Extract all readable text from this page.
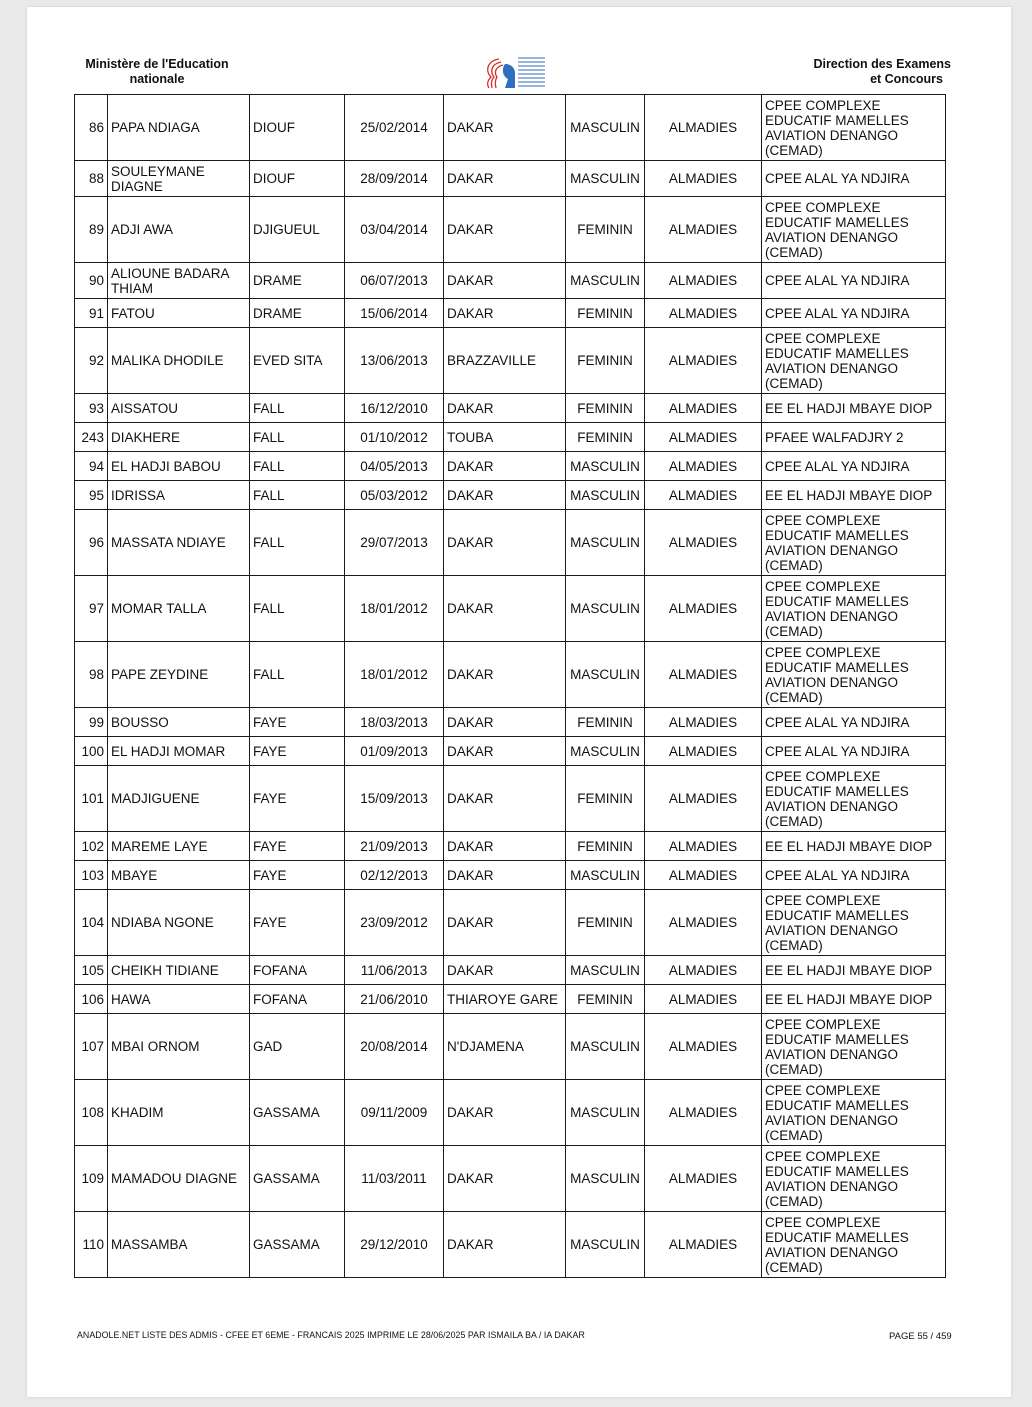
Ministère de l'Education
nationale
Direction des Examens
et Concours
86	PAPA NDIAGA	DIOUF	25/02/2014	DAKAR	MASCULIN	ALMADIES	CPEE COMPLEXE EDUCATIF MAMELLES AVIATION DENANGO (CEMAD)
88	SOULEYMANE DIAGNE	DIOUF	28/09/2014	DAKAR	MASCULIN	ALMADIES	CPEE ALAL YA NDJIRA
89	ADJI AWA	DJIGUEUL	03/04/2014	DAKAR	FEMININ	ALMADIES	CPEE COMPLEXE EDUCATIF MAMELLES AVIATION DENANGO (CEMAD)
90	ALIOUNE BADARA THIAM	DRAME	06/07/2013	DAKAR	MASCULIN	ALMADIES	CPEE ALAL YA NDJIRA
91	FATOU	DRAME	15/06/2014	DAKAR	FEMININ	ALMADIES	CPEE ALAL YA NDJIRA
92	MALIKA DHODILE	EVED SITA	13/06/2013	BRAZZAVILLE	FEMININ	ALMADIES	CPEE COMPLEXE EDUCATIF MAMELLES AVIATION DENANGO (CEMAD)
93	AISSATOU	FALL	16/12/2010	DAKAR	FEMININ	ALMADIES	EE EL HADJI MBAYE DIOP
243	DIAKHERE	FALL	01/10/2012	TOUBA	FEMININ	ALMADIES	PFAEE WALFADJRY 2
94	EL HADJI BABOU	FALL	04/05/2013	DAKAR	MASCULIN	ALMADIES	CPEE ALAL YA NDJIRA
95	IDRISSA	FALL	05/03/2012	DAKAR	MASCULIN	ALMADIES	EE EL HADJI MBAYE DIOP
96	MASSATA NDIAYE	FALL	29/07/2013	DAKAR	MASCULIN	ALMADIES	CPEE COMPLEXE EDUCATIF MAMELLES AVIATION DENANGO (CEMAD)
97	MOMAR TALLA	FALL	18/01/2012	DAKAR	MASCULIN	ALMADIES	CPEE COMPLEXE EDUCATIF MAMELLES AVIATION DENANGO (CEMAD)
98	PAPE ZEYDINE	FALL	18/01/2012	DAKAR	MASCULIN	ALMADIES	CPEE COMPLEXE EDUCATIF MAMELLES AVIATION DENANGO (CEMAD)
99	BOUSSO	FAYE	18/03/2013	DAKAR	FEMININ	ALMADIES	CPEE ALAL YA NDJIRA
100	EL HADJI MOMAR	FAYE	01/09/2013	DAKAR	MASCULIN	ALMADIES	CPEE ALAL YA NDJIRA
101	MADJIGUENE	FAYE	15/09/2013	DAKAR	FEMININ	ALMADIES	CPEE COMPLEXE EDUCATIF MAMELLES AVIATION DENANGO (CEMAD)
102	MAREME LAYE	FAYE	21/09/2013	DAKAR	FEMININ	ALMADIES	EE EL HADJI MBAYE DIOP
103	MBAYE	FAYE	02/12/2013	DAKAR	MASCULIN	ALMADIES	CPEE ALAL YA NDJIRA
104	NDIABA NGONE	FAYE	23/09/2012	DAKAR	FEMININ	ALMADIES	CPEE COMPLEXE EDUCATIF MAMELLES AVIATION DENANGO (CEMAD)
105	CHEIKH TIDIANE	FOFANA	11/06/2013	DAKAR	MASCULIN	ALMADIES	EE EL HADJI MBAYE DIOP
106	HAWA	FOFANA	21/06/2010	THIAROYE GARE	FEMININ	ALMADIES	EE EL HADJI MBAYE DIOP
107	MBAI ORNOM	GAD	20/08/2014	N'DJAMENA	MASCULIN	ALMADIES	CPEE COMPLEXE EDUCATIF MAMELLES AVIATION DENANGO (CEMAD)
108	KHADIM	GASSAMA	09/11/2009	DAKAR	MASCULIN	ALMADIES	CPEE COMPLEXE EDUCATIF MAMELLES AVIATION DENANGO (CEMAD)
109	MAMADOU DIAGNE	GASSAMA	11/03/2011	DAKAR	MASCULIN	ALMADIES	CPEE COMPLEXE EDUCATIF MAMELLES AVIATION DENANGO (CEMAD)
110	MASSAMBA	GASSAMA	29/12/2010	DAKAR	MASCULIN	ALMADIES	CPEE COMPLEXE EDUCATIF MAMELLES AVIATION DENANGO (CEMAD)
ANADOLE.NET LISTE DES ADMIS - CFEE ET 6EME - FRANCAIS 2025 IMPRIME LE 28/06/2025 PAR ISMAILA BA / IA DAKAR	PAGE 55 / 459
